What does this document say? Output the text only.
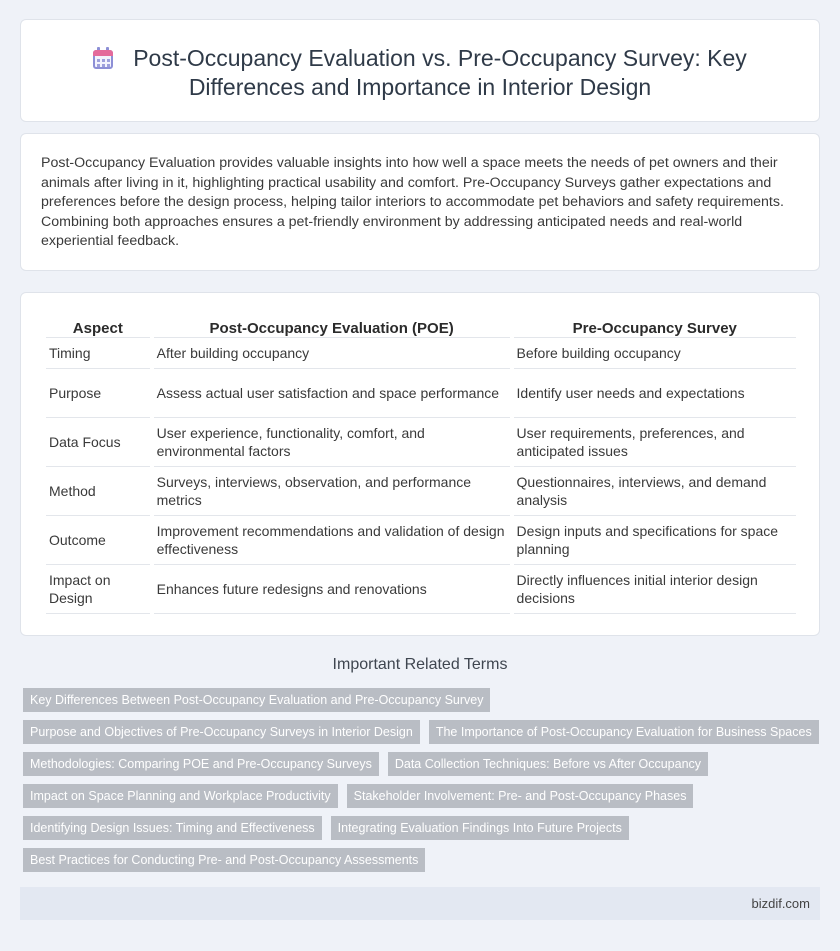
Post-Occupancy Evaluation vs. Pre-Occupancy Survey: Key Differences and Importance in Interior Design

Post-Occupancy Evaluation provides valuable insights into how well a space meets the needs of pet owners and their animals after living in it, highlighting practical usability and comfort. Pre-Occupancy Surveys gather expectations and preferences before the design process, helping tailor interiors to accommodate pet behaviors and safety requirements. Combining both approaches ensures a pet-friendly environment by addressing anticipated needs and real-world experiential feedback.

Aspect	Post-Occupancy Evaluation (POE)	Pre-Occupancy Survey
Timing	After building occupancy	Before building occupancy
Purpose	Assess actual user satisfaction and space performance	Identify user needs and expectations
Data Focus	User experience, functionality, comfort, and environmental factors	User requirements, preferences, and anticipated issues
Method	Surveys, interviews, observation, and performance metrics	Questionnaires, interviews, and demand analysis
Outcome	Improvement recommendations and validation of design effectiveness	Design inputs and specifications for space planning
Impact on Design	Enhances future redesigns and renovations	Directly influences initial interior design decisions
Important Related Terms
Key Differences Between Post-Occupancy Evaluation and Pre-Occupancy Survey
Purpose and Objectives of Pre-Occupancy Surveys in Interior Design	The Importance of Post-Occupancy Evaluation for Business Spaces
Methodologies: Comparing POE and Pre-Occupancy Surveys	Data Collection Techniques: Before vs After Occupancy
Impact on Space Planning and Workplace Productivity	Stakeholder Involvement: Pre- and Post-Occupancy Phases
Identifying Design Issues: Timing and Effectiveness	Integrating Evaluation Findings Into Future Projects
Best Practices for Conducting Pre- and Post-Occupancy Assessments
bizdif.com
